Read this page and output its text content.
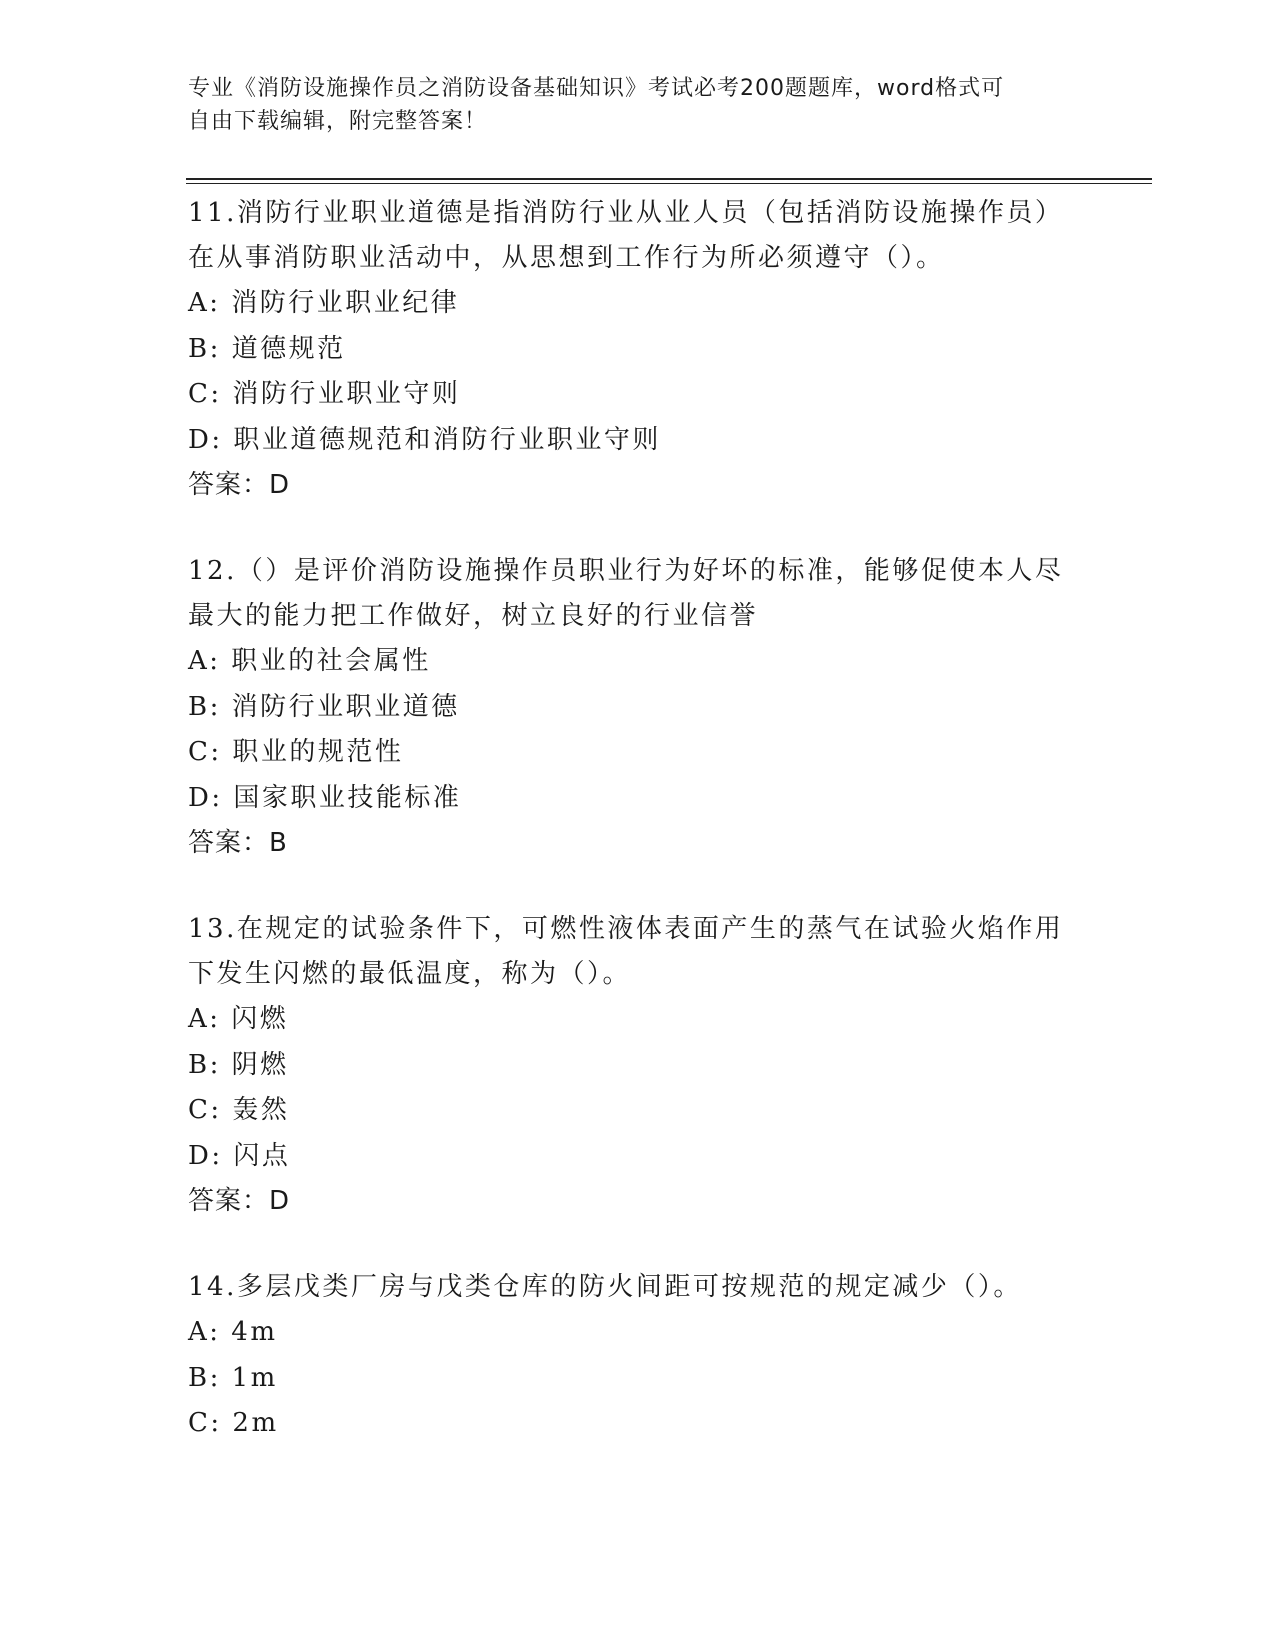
专业《消防设施操作员之消防设备基础知识》考试必考200题题库，word格式可
自由下载编辑，附完整答案！
11.消防行业职业道德是指消防行业从业人员（包括消防设施操作员）在从事消防职业活动中，从思想到工作行为所必须遵守（）。
A: 消防行业职业纪律
B: 道德规范
C: 消防行业职业守则
D: 职业道德规范和消防行业职业守则
答案：D
12.（）是评价消防设施操作员职业行为好坏的标准，能够促使本人尽最大的能力把工作做好，树立良好的行业信誉
A: 职业的社会属性
B: 消防行业职业道德
C: 职业的规范性
D: 国家职业技能标准
答案：B
13.在规定的试验条件下，可燃性液体表面产生的蒸气在试验火焰作用下发生闪燃的最低温度，称为（）。
A: 闪燃
B: 阴燃
C: 轰然
D: 闪点
答案：D
14.多层戊类厂房与戊类仓库的防火间距可按规范的规定减少（）。
A: 4m
B: 1m
C: 2m
